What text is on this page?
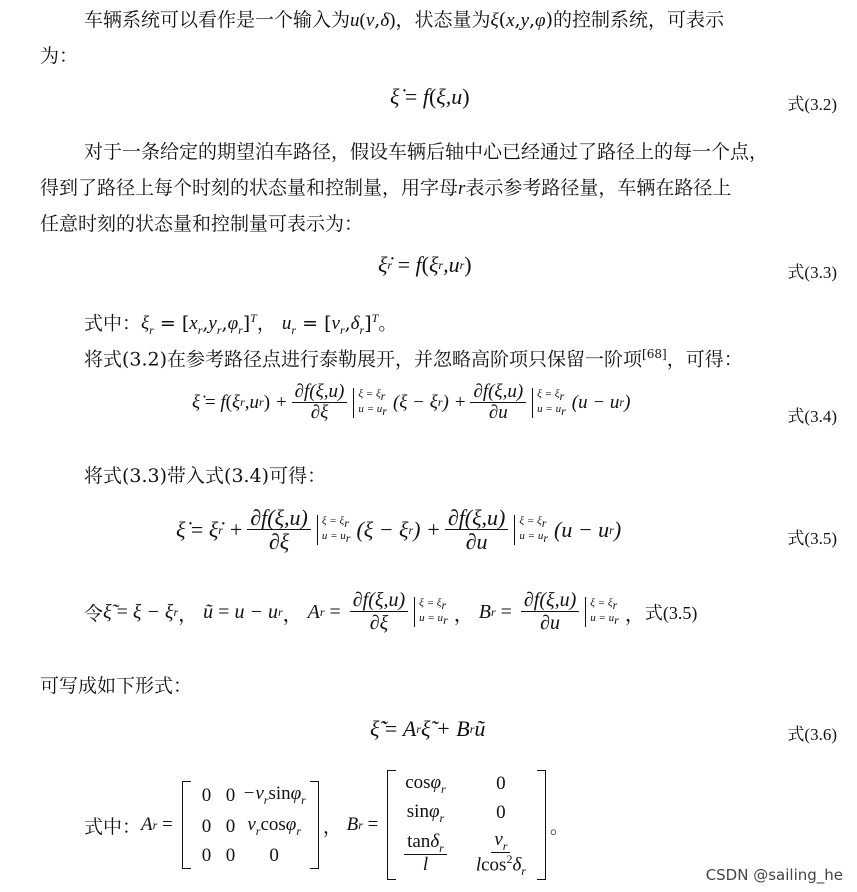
车辆系统可以看作是一个输入为u(v,δ)，状态量为ξ(x,y,φ)的控制系统，可表示
为：
ξ̇ = f ( ξ,u )	式(3.2)
对于一条给定的期望泊车路径，假设车辆后轴中心已经通过了路径上的每一个点，
得到了路径上每个时刻的状态量和控制量，用字母r表示参考路径量，车辆在路径上
任意时刻的状态量和控制量可表示为：
ξ̇ r = f ( ξ r ,u r )	式(3.3)
式中：$\xi_r = [x_r,y_r,\varphi_r]^T$， $u_r = [v_r,\delta_r]^T$。
将式(3.2)在参考路径点进行泰勒展开，并忽略高阶项只保留一阶项[68]，可得：
ξ̇ = f ( ξ r ,u r ) + $\frac{\partial f(\xi,u)}{\partial\xi}$ $\xi = \xi_r$
$u = u_r$ (ξ − ξ r ) + $\frac{\partial f(\xi,u)}{\partial u}$ $\xi = \xi_r$
$u = u_r$ (u − u r )
式(3.4)
将式(3.3)带入式(3.4)可得：
ξ̇ = ξ̇ $r + \frac{\partial f(\xi,u)}{\partial\xi}$ $\xi = \xi_r$
$u = u_r$ (ξ − ξ r ) + $\frac{\partial f(\xi,u)}{\partial u}$ $\xi = \xi_r$
$u = u_r$ (u − u r )	式(3.5)
令 ξ̃ = ξ − ξ r ， ũ = u − u r ， A $r = \frac{\partial f(\xi,u)}{\partial\xi}$ $\xi = \xi_r$
$u = u_r$ ， B $r = \frac{\partial f(\xi,u)}{\partial u}$ $\xi = \xi_r$
$u = u_r$ ， 式(3.5)
可写成如下形式：
ξ̃̇ = A r ξ̃ + B r ũ	式(3.6)
式中： A r =
0 $0 -v_r\sin\varphi_r$
0 0 $v_r\cos\varphi_r$
0 0 0
， B r =
cosφ$_r$	0
sinφ$_r$	0
$\frac{\tan\delta_r}{l} \frac{v_r}{lcos^2\delta_r}$
。
CSDN @sailing_he
